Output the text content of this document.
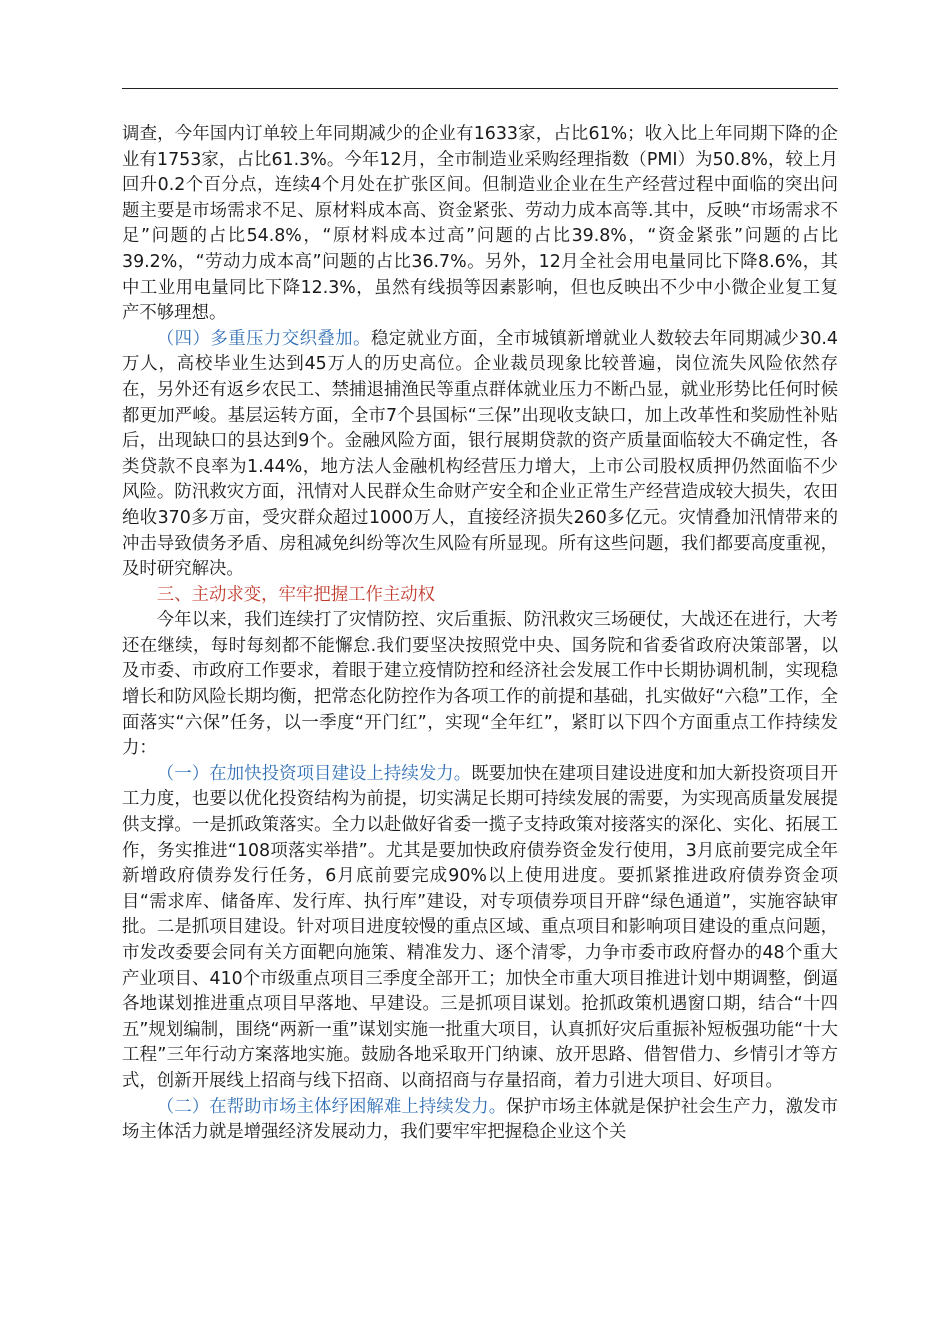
调查，今年国内订单较上年同期减少的企业有1633家，占比61%；收入比上年同期下降的企业有1753家，占比61.3%。今年12月，全市制造业采购经理指数（PMI）为50.8%，较上月回升0.2个百分点，连续4个月处在扩张区间。但制造业企业在生产经营过程中面临的突出问题主要是市场需求不足、原材料成本高、资金紧张、劳动力成本高等.其中，反映“市场需求不足”问题的占比54.8%，“原材料成本过高”问题的占比39.8%，“资金紧张”问题的占比39.2%，“劳动力成本高”问题的占比36.7%。另外，12月全社会用电量同比下降8.6%，其中工业用电量同比下降12.3%，虽然有线损等因素影响，但也反映出不少中小微企业复工复产不够理想。

（四）多重压力交织叠加。稳定就业方面，全市城镇新增就业人数较去年同期减少30.4万人，高校毕业生达到45万人的历史高位。企业裁员现象比较普遍，岗位流失风险依然存在，另外还有返乡农民工、禁捕退捕渔民等重点群体就业压力不断凸显，就业形势比任何时候都更加严峻。基层运转方面，全市7个县国标“三保”出现收支缺口，加上改革性和奖励性补贴后，出现缺口的县达到9个。金融风险方面，银行展期贷款的资产质量面临较大不确定性，各类贷款不良率为1.44%，地方法人金融机构经营压力增大，上市公司股权质押仍然面临不少风险。防汛救灾方面，汛情对人民群众生命财产安全和企业正常生产经营造成较大损失，农田绝收370多万亩，受灾群众超过1000万人，直接经济损失260多亿元。灾情叠加汛情带来的冲击导致债务矛盾、房租减免纠纷等次生风险有所显现。所有这些问题，我们都要高度重视，及时研究解决。

三、主动求变，牢牢把握工作主动权

今年以来，我们连续打了灾情防控、灾后重振、防汛救灾三场硬仗，大战还在进行，大考还在继续，每时每刻都不能懈怠.我们要坚决按照党中央、国务院和省委省政府决策部署，以及市委、市政府工作要求，着眼于建立疫情防控和经济社会发展工作中长期协调机制，实现稳增长和防风险长期均衡，把常态化防控作为各项工作的前提和基础，扎实做好“六稳”工作，全面落实“六保”任务，以一季度“开门红”，实现“全年红”，紧盯以下四个方面重点工作持续发力：

（一）在加快投资项目建设上持续发力。既要加快在建项目建设进度和加大新投资项目开工力度，也要以优化投资结构为前提，切实满足长期可持续发展的需要，为实现高质量发展提供支撑。一是抓政策落实。全力以赴做好省委一揽子支持政策对接落实的深化、实化、拓展工作，务实推进“108项落实举措”。尤其是要加快政府债券资金发行使用，3月底前要完成全年新增政府债券发行任务，6月底前要完成90%以上使用进度。要抓紧推进政府债券资金项目“需求库、储备库、发行库、执行库”建设，对专项债券项目开辟“绿色通道”，实施容缺审批。二是抓项目建设。针对项目进度较慢的重点区域、重点项目和影响项目建设的重点问题，市发改委要会同有关方面靶向施策、精准发力、逐个清零，力争市委市政府督办的48个重大产业项目、410个市级重点项目三季度全部开工；加快全市重大项目推进计划中期调整，倒逼各地谋划推进重点项目早落地、早建设。三是抓项目谋划。抢抓政策机遇窗口期，结合“十四五”规划编制，围绕“两新一重”谋划实施一批重大项目，认真抓好灾后重振补短板强功能“十大工程”三年行动方案落地实施。鼓励各地采取开门纳谏、放开思路、借智借力、乡情引才等方式，创新开展线上招商与线下招商、以商招商与存量招商，着力引进大项目、好项目。

（二）在帮助市场主体纾困解难上持续发力。保护市场主体就是保护社会生产力，激发市场主体活力就是增强经济发展动力，我们要牢牢把握稳企业这个关
